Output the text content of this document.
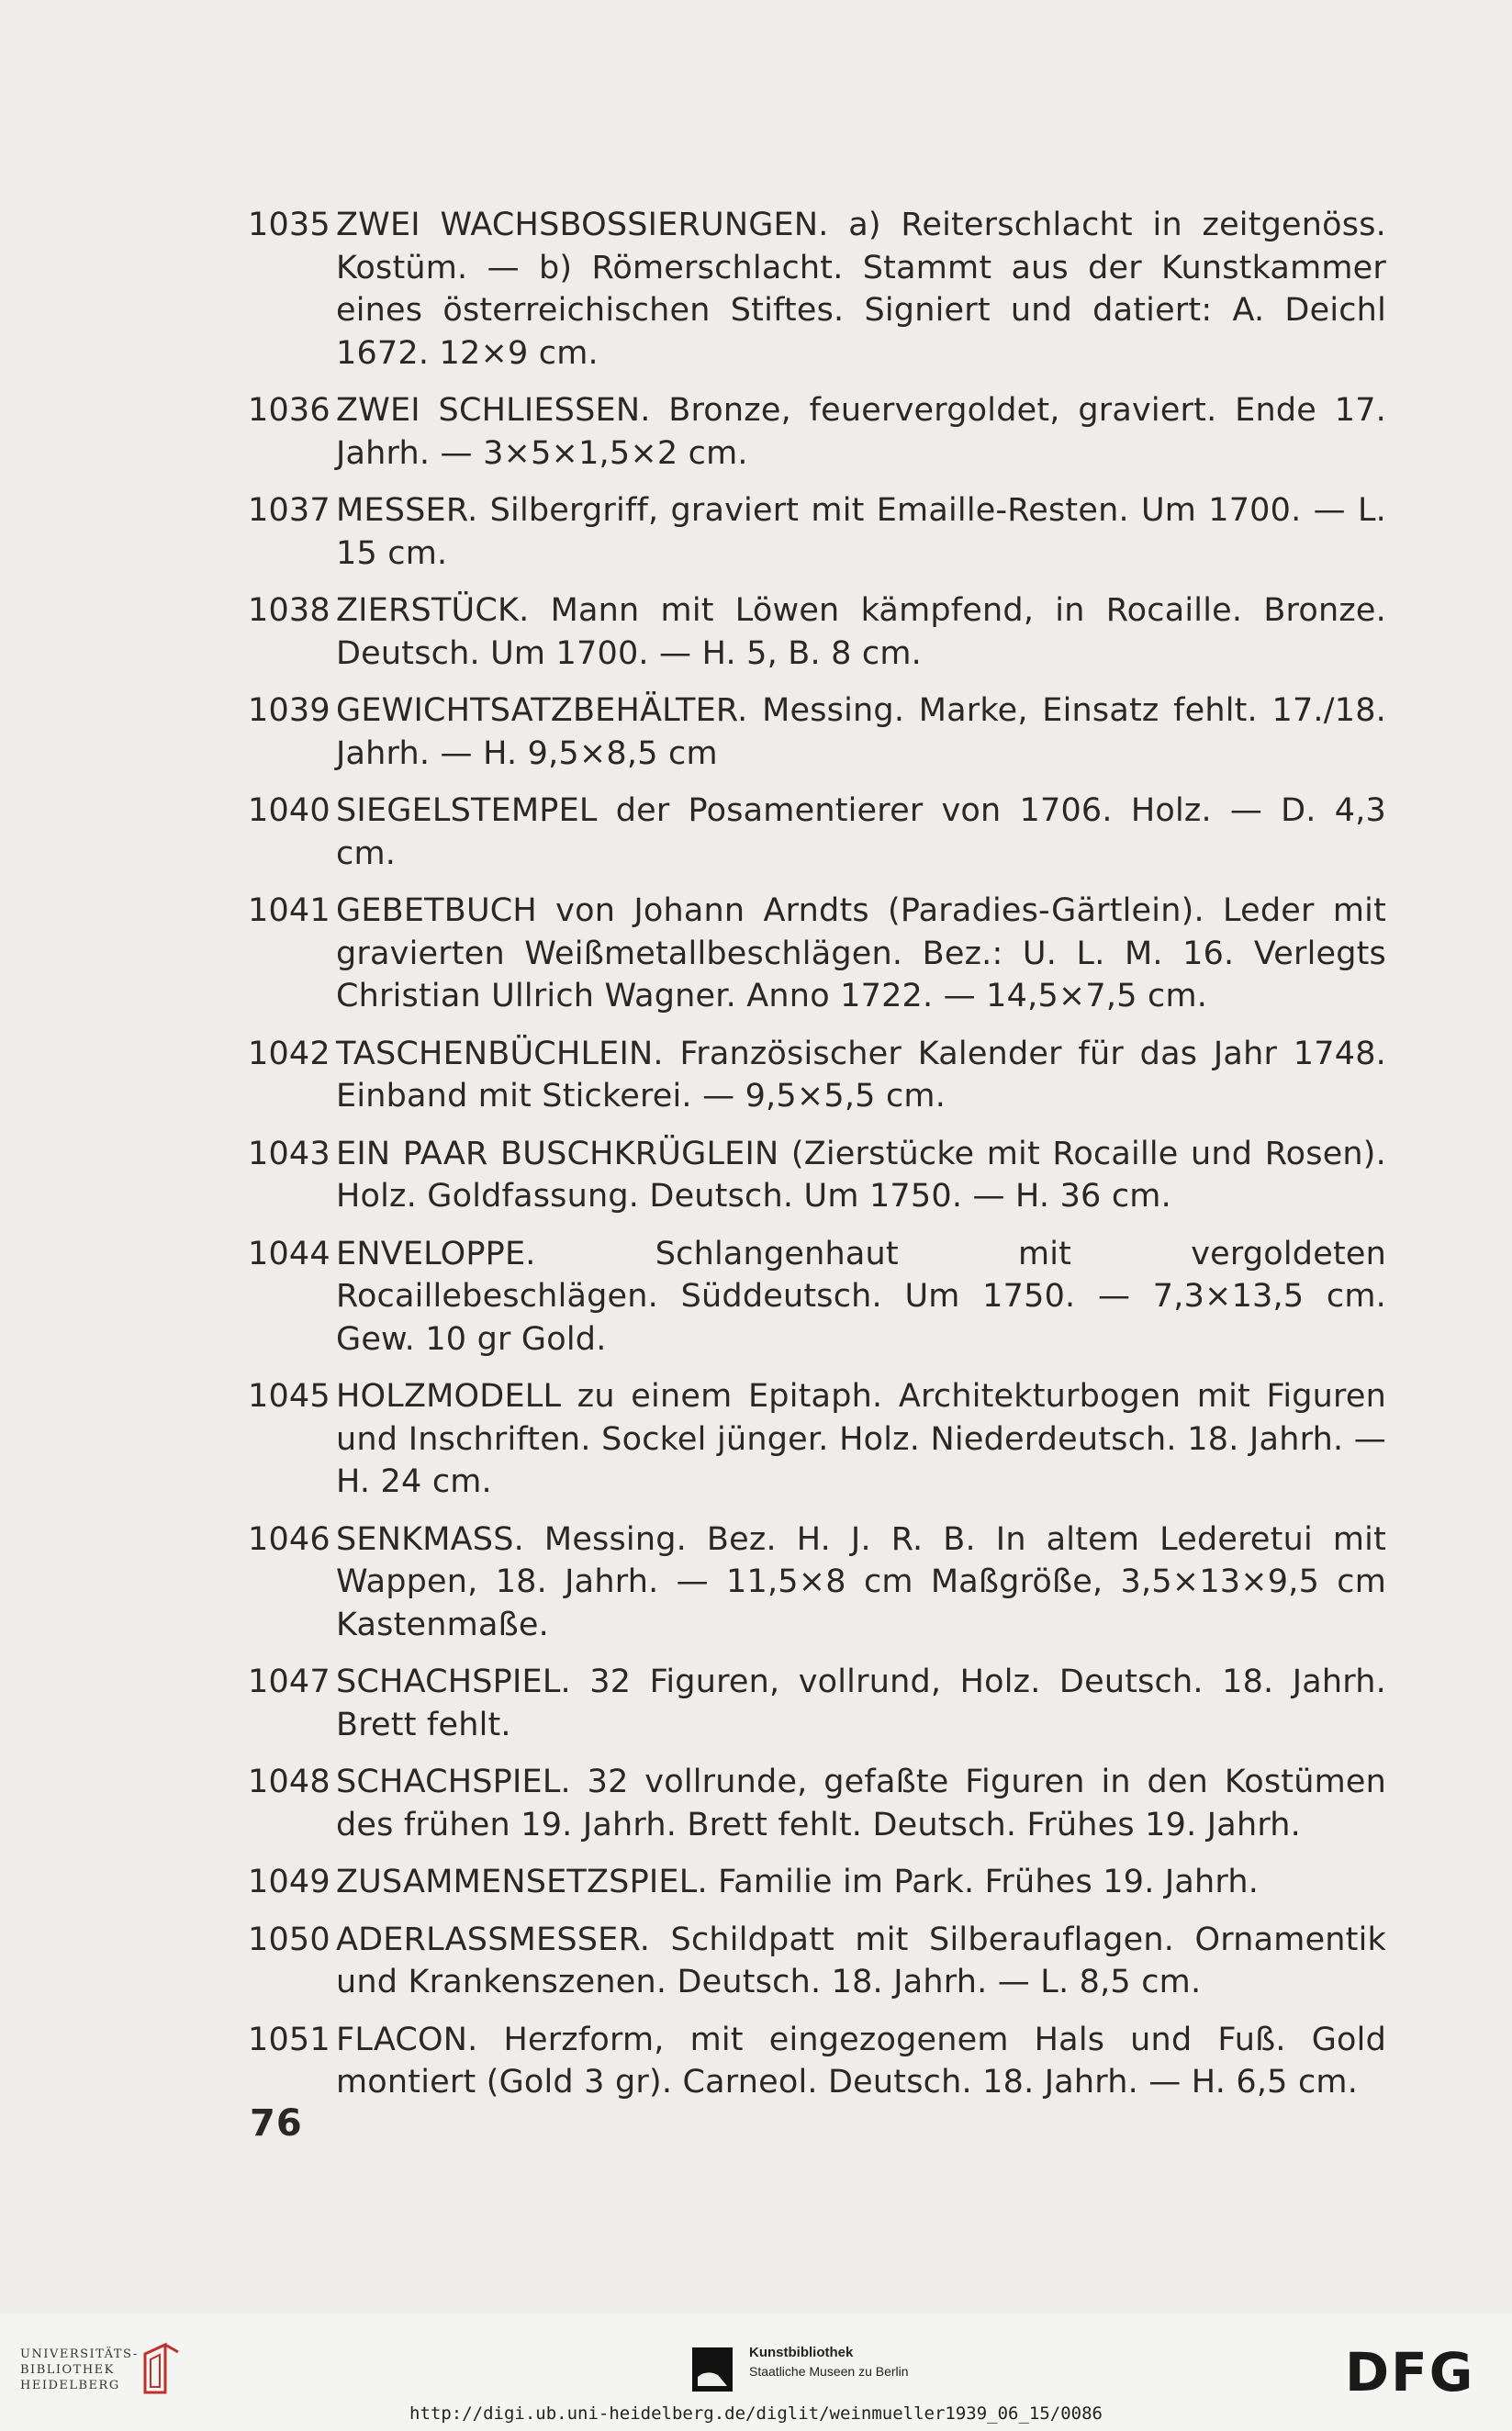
1035 ZWEI WACHSBOSSIERUNGEN. a) Reiterschlacht in zeitgenöss. Kostüm. — b) Römerschlacht. Stammt aus der Kunstkammer eines österreichischen Stiftes. Signiert und datiert: A. Deichl 1672. 12×9 cm.
1036 ZWEI SCHLIESSEN. Bronze, feuervergoldet, graviert. Ende 17. Jahrh. — 3×5×1,5×2 cm.
1037 MESSER. Silbergriff, graviert mit Emaille-Resten. Um 1700. — L. 15 cm.
1038 ZIERSTÜCK. Mann mit Löwen kämpfend, in Rocaille. Bronze. Deutsch. Um 1700. — H. 5, B. 8 cm.
1039 GEWICHTSATZBEHÄLTER. Messing. Marke, Einsatz fehlt. 17./18. Jahrh. — H. 9,5×8,5 cm
1040 SIEGELSTEMPEL der Posamentierer von 1706. Holz. — D. 4,3 cm.
1041 GEBETBUCH von Johann Arndts (Paradies-Gärtlein). Leder mit gravierten Weißmetallbeschlägen. Bez.: U. L. M. 16. Verlegts Christian Ullrich Wagner. Anno 1722. — 14,5×7,5 cm.
1042 TASCHENBÜCHLEIN. Französischer Kalender für das Jahr 1748. Einband mit Stickerei. — 9,5×5,5 cm.
1043 EIN PAAR BUSCHKRÜGLEIN (Zierstücke mit Rocaille und Rosen). Holz. Goldfassung. Deutsch. Um 1750. — H. 36 cm.
1044 ENVELOPPE. Schlangenhaut mit vergoldeten Rocaillebeschlägen. Süddeutsch. Um 1750. — 7,3×13,5 cm. Gew. 10 gr Gold.
1045 HOLZMODELL zu einem Epitaph. Architekturbogen mit Figuren und Inschriften. Sockel jünger. Holz. Niederdeutsch. 18. Jahrh. — H. 24 cm.
1046 SENKMASS. Messing. Bez. H. J. R. B. In altem Lederetui mit Wappen, 18. Jahrh. — 11,5×8 cm Maßgröße, 3,5×13×9,5 cm Kastenmaße.
1047 SCHACHSPIEL. 32 Figuren, vollrund, Holz. Deutsch. 18. Jahrh. Brett fehlt.
1048 SCHACHSPIEL. 32 vollrunde, gefaßte Figuren in den Kostümen des frühen 19. Jahrh. Brett fehlt. Deutsch. Frühes 19. Jahrh.
1049 ZUSAMMENSETZSPIEL. Familie im Park. Frühes 19. Jahrh.
1050 ADERLASSMESSER. Schildpatt mit Silberauflagen. Ornamentik und Krankenszenen. Deutsch. 18. Jahrh. — L. 8,5 cm.
1051 FLACON. Herzform, mit eingezogenem Hals und Fuß. Gold montiert (Gold 3 gr). Carneol. Deutsch. 18. Jahrh. — H. 6,5 cm.
76
UNIVERSITÄTS-
BIBLIOTHEK
HEIDELBERG
Kunstbibliothek
Staatliche Museen zu Berlin	DFG
http://digi.ub.uni-heidelberg.de/diglit/weinmueller1939_06_15/0086
